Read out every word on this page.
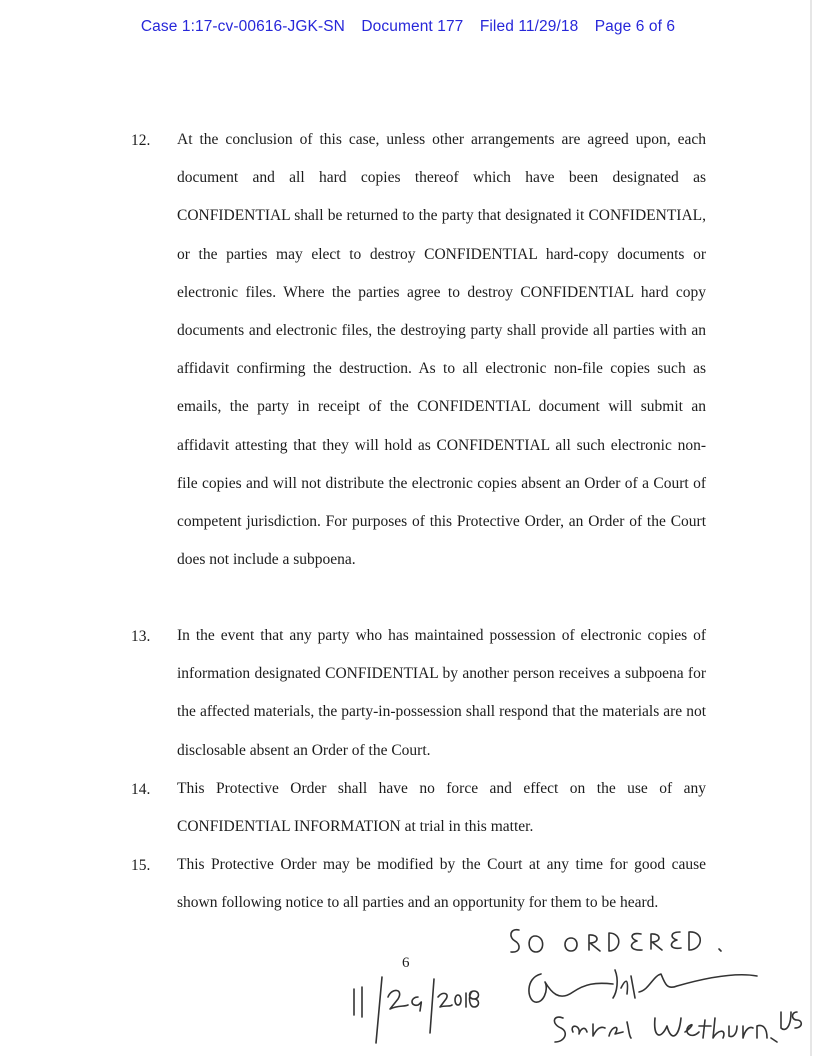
Case 1:17-cv-00616-JGK-SN Document 177 Filed 11/29/18 Page 6 of 6
12. At the conclusion of this case, unless other arrangements are agreed upon, each document and all hard copies thereof which have been designated as CONFIDENTIAL shall be returned to the party that designated it CONFIDENTIAL, or the parties may elect to destroy CONFIDENTIAL hard-copy documents or electronic files. Where the parties agree to destroy CONFIDENTIAL hard copy documents and electronic files, the destroying party shall provide all parties with an affidavit confirming the destruction. As to all electronic non-file copies such as emails, the party in receipt of the CONFIDENTIAL document will submit an affidavit attesting that they will hold as CONFIDENTIAL all such electronic non-file copies and will not distribute the electronic copies absent an Order of a Court of competent jurisdiction. For purposes of this Protective Order, an Order of the Court does not include a subpoena.
13. In the event that any party who has maintained possession of electronic copies of information designated CONFIDENTIAL by another person receives a subpoena for the affected materials, the party-in-possession shall respond that the materials are not disclosable absent an Order of the Court.
14. This Protective Order shall have no force and effect on the use of any CONFIDENTIAL INFORMATION at trial in this matter.
15. This Protective Order may be modified by the Court at any time for good cause shown following notice to all parties and an opportunity for them to be heard.
6
